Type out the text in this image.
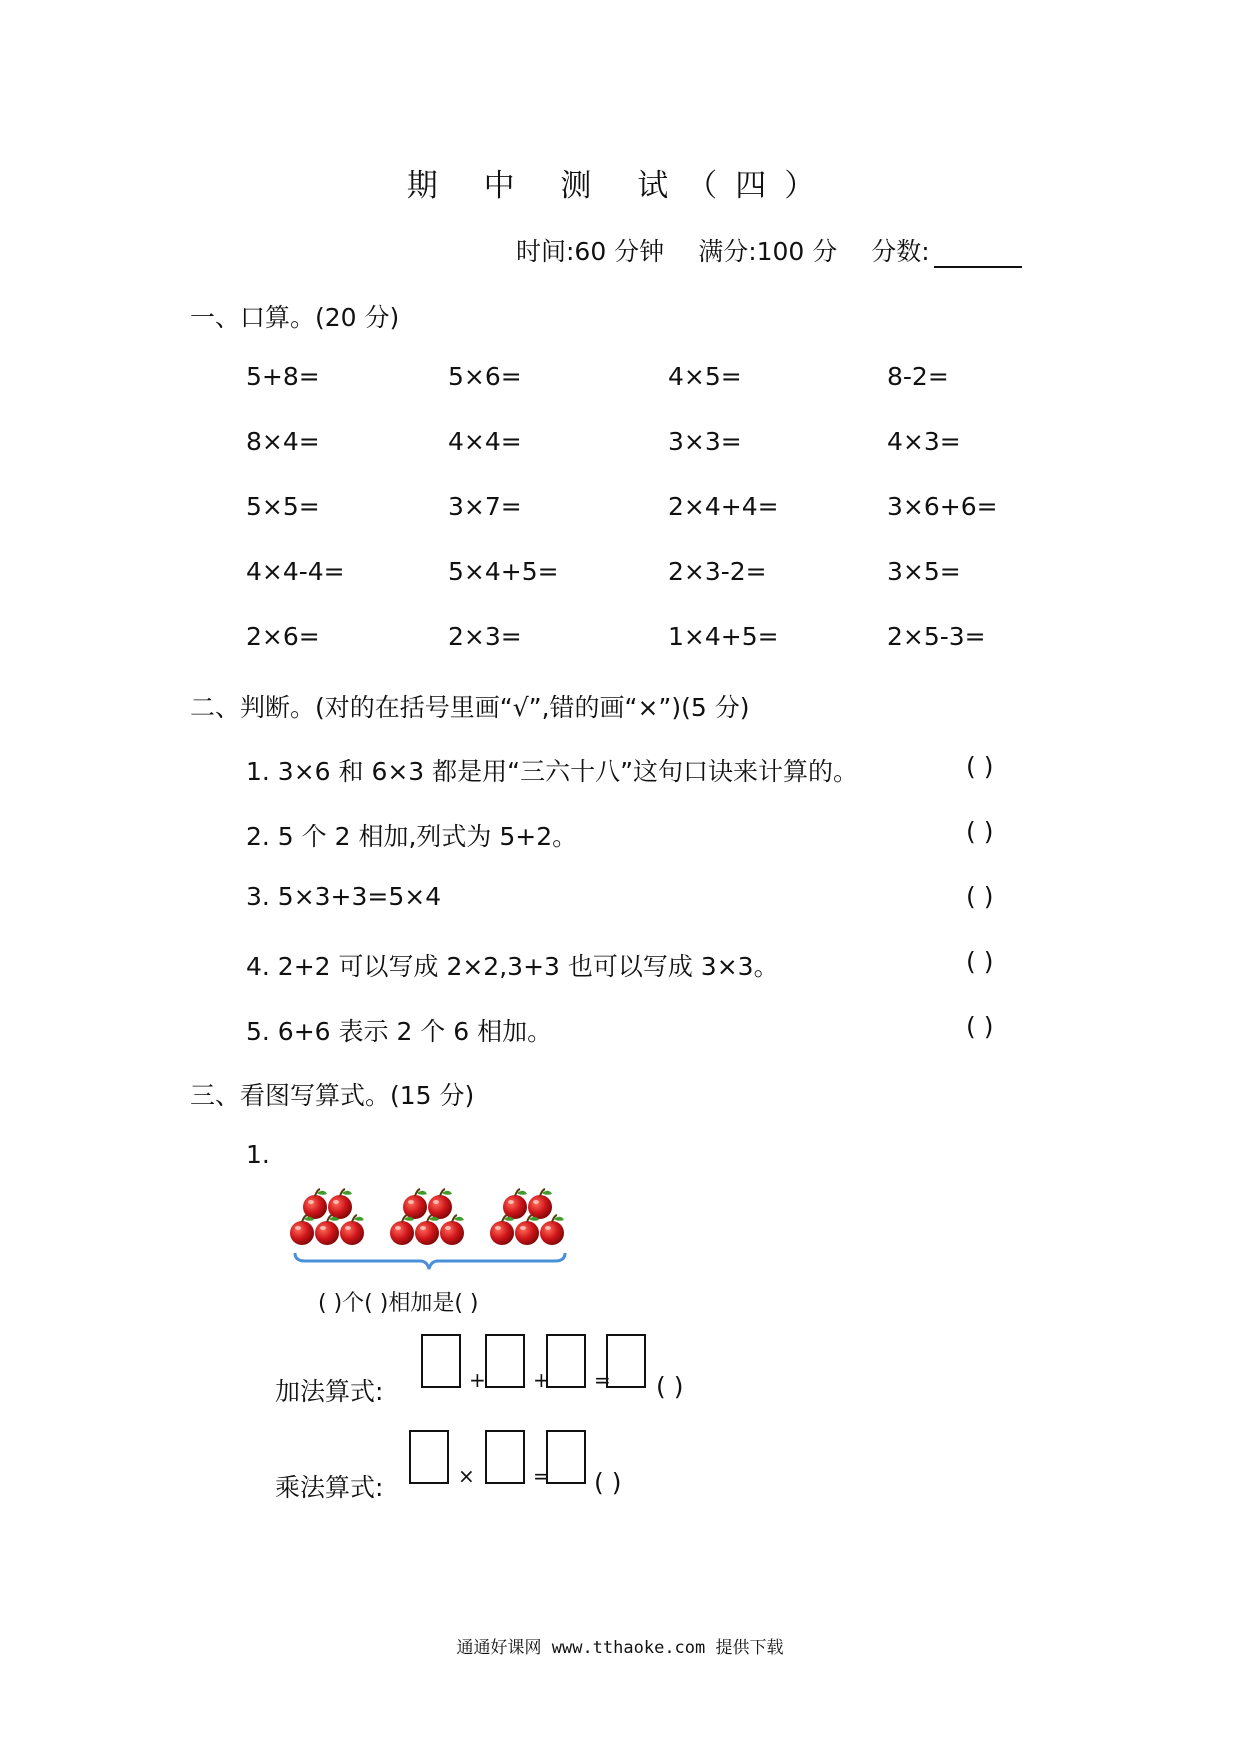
期 中 测 试（四）
时间:60 分钟 满分:100 分 分数:
一、口算。(20 分)
5+8=	5×6=	4×5=	8-2=
8×4=	4×4=	3×3=	4×3=
5×5=	3×7=	2×4+4=	3×6+6=
4×4-4=	5×4+5=	2×3-2=	3×5=
2×6=	2×3=	1×4+5=	2×5-3=
二、判断。(对的在括号里画“√”,错的画“×”)(5 分)
1. 3×6 和 6×3 都是用“三六十八”这句口诀来计算的。	( )
2. 5 个 2 相加,列式为 5+2。	( )
3. 5×3+3=5×4	( )
4. 2+2 可以写成 2×2,3+3 也可以写成 3×3。	( )
5. 6+6 表示 2 个 6 相加。	( )
三、看图写算式。(15 分)
1.
( )个( )相加是( )
加法算式:	+ + = ( )
乘法算式:	×	= ( )
通通好课网 www.tthaoke.com 提供下载
